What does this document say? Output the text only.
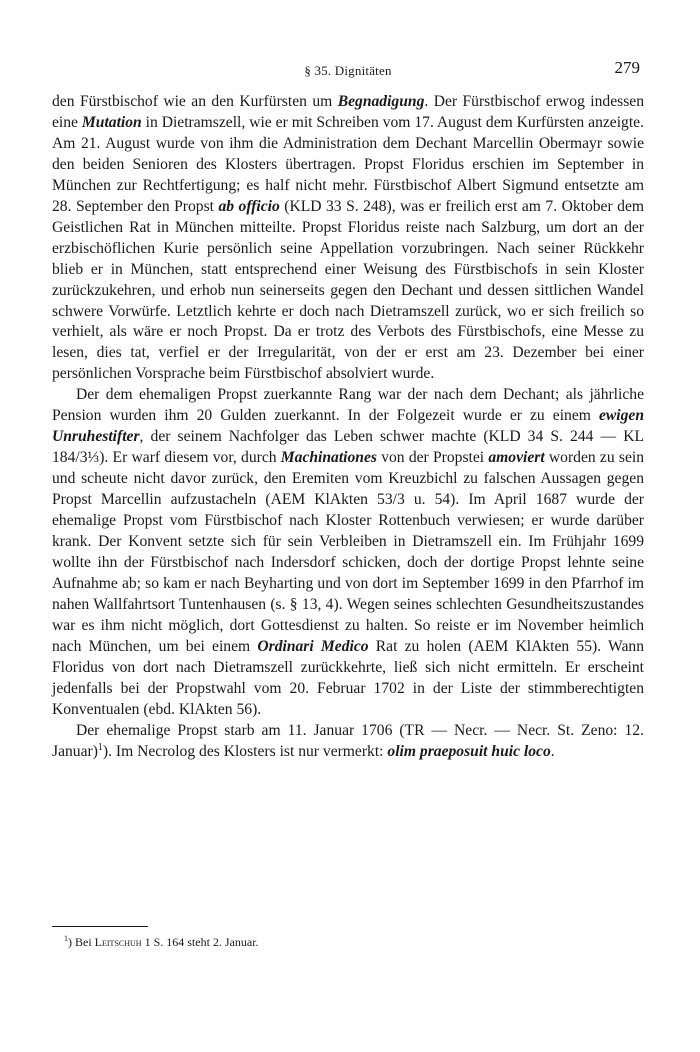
§ 35. Dignitäten	279

den Fürstbischof wie an den Kurfürsten um Begnadigung. Der Fürstbischof erwog indessen eine Mutation in Dietramszell, wie er mit Schreiben vom 17. August dem Kurfürsten anzeigte. Am 21. August wurde von ihm die Administration dem Dechant Marcellin Obermayr sowie den beiden Senioren des Klosters übertragen. Propst Floridus erschien im September in München zur Rechtfertigung; es half nicht mehr. Fürstbischof Albert Sigmund entsetzte am 28. September den Propst ab officio (KLD 33 S. 248), was er freilich erst am 7. Oktober dem Geistlichen Rat in München mitteilte. Propst Floridus reiste nach Salzburg, um dort an der erzbischöflichen Kurie persönlich seine Appellation vorzubringen. Nach seiner Rückkehr blieb er in München, statt entsprechend einer Weisung des Fürstbischofs in sein Kloster zurückzukehren, und erhob nun seinerseits gegen den Dechant und dessen sittlichen Wandel schwere Vorwürfe. Letztlich kehrte er doch nach Dietramszell zurück, wo er sich freilich so verhielt, als wäre er noch Propst. Da er trotz des Verbots des Fürstbischofs, eine Messe zu lesen, dies tat, verfiel er der Irregularität, von der er erst am 23. Dezember bei einer persönlichen Vorsprache beim Fürstbischof absolviert wurde.

Der dem ehemaligen Propst zuerkannte Rang war der nach dem Dechant; als jährliche Pension wurden ihm 20 Gulden zuerkannt. In der Folgezeit wurde er zu einem ewigen Unruhestifter, der seinem Nachfolger das Leben schwer machte (KLD 34 S. 244 — KL 184/3⅓). Er warf diesem vor, durch Machinationes von der Propstei amoviert worden zu sein und scheute nicht davor zurück, den Eremiten vom Kreuzbichl zu falschen Aussagen gegen Propst Marcellin aufzustacheln (AEM KlAkten 53/3 u. 54). Im April 1687 wurde der ehemalige Propst vom Fürstbischof nach Kloster Rottenbuch verwiesen; er wurde darüber krank. Der Konvent setzte sich für sein Verbleiben in Dietramszell ein. Im Frühjahr 1699 wollte ihn der Fürstbischof nach Indersdorf schicken, doch der dortige Propst lehnte seine Aufnahme ab; so kam er nach Beyharting und von dort im September 1699 in den Pfarrhof im nahen Wallfahrtsort Tuntenhausen (s. § 13, 4). Wegen seines schlechten Gesundheitszustandes war es ihm nicht möglich, dort Gottesdienst zu halten. So reiste er im November heimlich nach München, um bei einem Ordinari Medico Rat zu holen (AEM KlAkten 55). Wann Floridus von dort nach Dietramszell zurückkehrte, ließ sich nicht ermitteln. Er erscheint jedenfalls bei der Propstwahl vom 20. Februar 1702 in der Liste der stimmberechtigten Konventualen (ebd. KlAkten 56).

Der ehemalige Propst starb am 11. Januar 1706 (TR — Necr. — Necr. St. Zeno: 12. Januar)$^1$). Im Necrolog des Klosters ist nur vermerkt: olim praeposuit huic loco.

$^1$) Bei Leitschuh 1 S. 164 steht 2. Januar.
